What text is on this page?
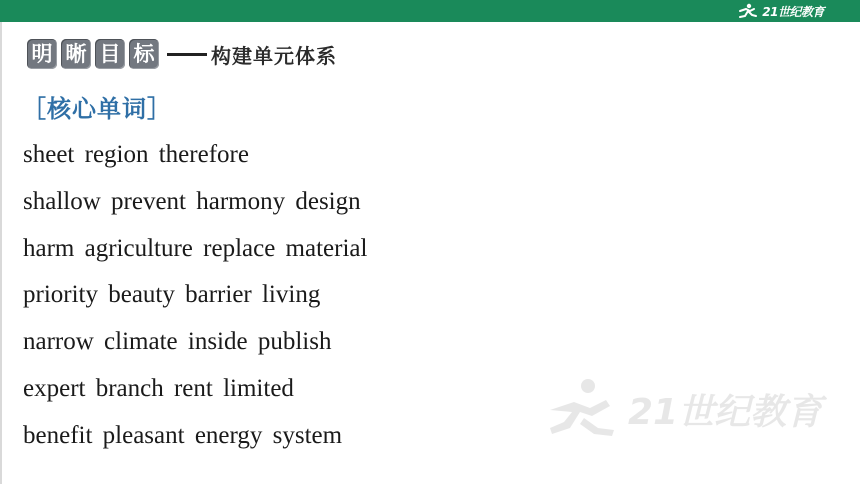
21世纪教育
明 晰 目 标	构建单元体系
［核心单词］
sheet region therefore
shallow prevent harmony design
harm agriculture replace material
priority beauty barrier living
narrow climate inside publish
expert branch rent limited
benefit pleasant energy system
21世纪教育
